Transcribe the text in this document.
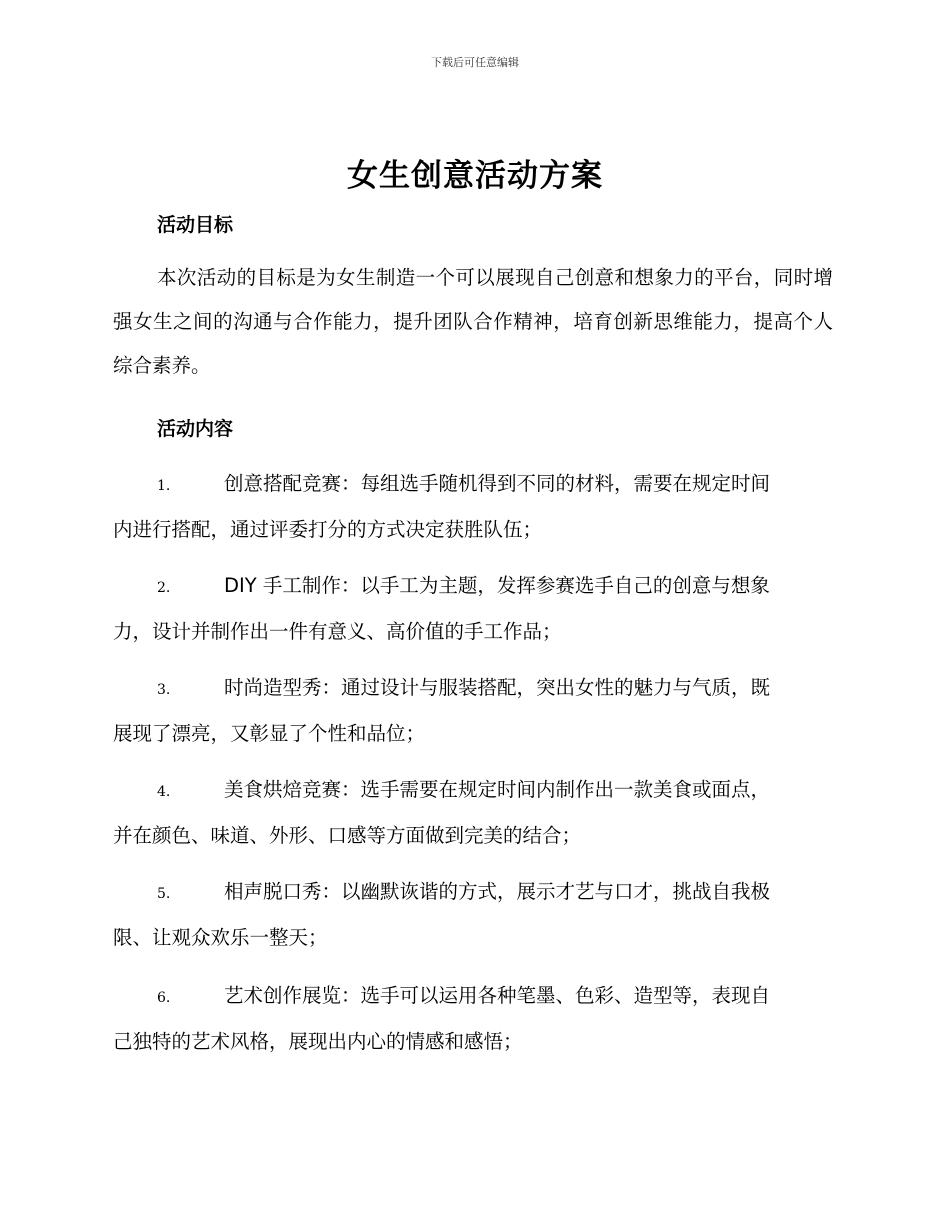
下载后可任意编辑
女生创意活动方案
活动目标
本次活动的目标是为女生制造一个可以展现自己创意和想象力的平台，同时增强女生之间的沟通与合作能力，提升团队合作精神，培育创新思维能力，提高个人综合素养。
活动内容
1.	创意搭配竞赛：每组选手随机得到不同的材料，需要在规定时间
内进行搭配，通过评委打分的方式决定获胜队伍；
2.	DIY 手工制作：以手工为主题，发挥参赛选手自己的创意与想象
力，设计并制作出一件有意义、高价值的手工作品；
3.	时尚造型秀：通过设计与服装搭配，突出女性的魅力与气质，既
展现了漂亮，又彰显了个性和品位；
4.	美食烘焙竞赛：选手需要在规定时间内制作出一款美食或面点，
并在颜色、味道、外形、口感等方面做到完美的结合；
5.	相声脱口秀：以幽默诙谐的方式，展示才艺与口才，挑战自我极
限、让观众欢乐一整天；
6.	艺术创作展览：选手可以运用各种笔墨、色彩、造型等，表现自
己独特的艺术风格，展现出内心的情感和感悟；
